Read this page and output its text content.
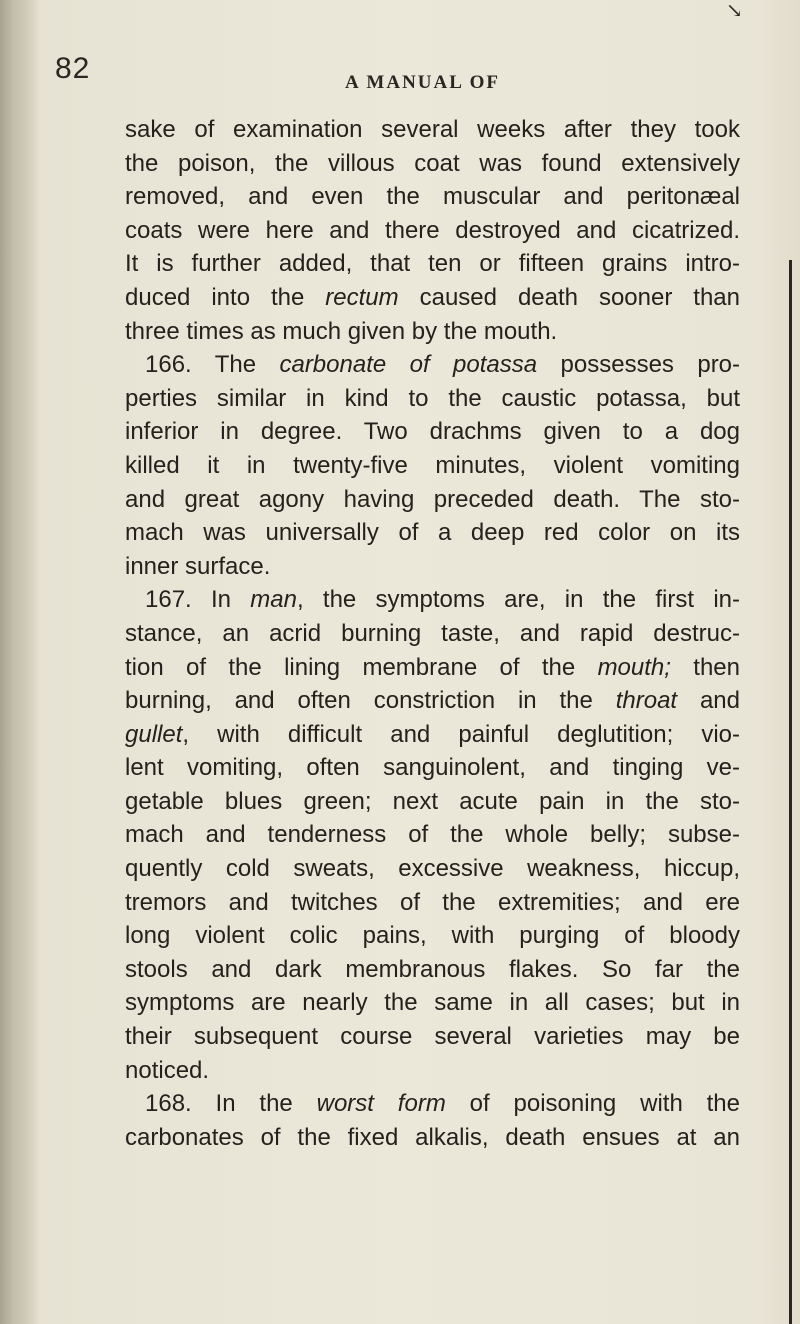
↘
82	A MANUAL OF
sake of examination several weeks after they took
the poison, the villous coat was found extensively
removed, and even the muscular and peritonæal
coats were here and there destroyed and cicatrized.
It is further added, that ten or fifteen grains intro-
duced into the rectum caused death sooner than
three times as much given by the mouth.
166. The carbonate of potassa possesses pro-
perties similar in kind to the caustic potassa, but
inferior in degree. Two drachms given to a dog
killed it in twenty-five minutes, violent vomiting
and great agony having preceded death. The sto-
mach was universally of a deep red color on its
inner surface.
167. In man, the symptoms are, in the first in-
stance, an acrid burning taste, and rapid destruc-
tion of the lining membrane of the mouth; then
burning, and often constriction in the throat and
gullet, with difficult and painful deglutition; vio-
lent vomiting, often sanguinolent, and tinging ve-
getable blues green; next acute pain in the sto-
mach and tenderness of the whole belly; subse-
quently cold sweats, excessive weakness, hiccup,
tremors and twitches of the extremities; and ere
long violent colic pains, with purging of bloody
stools and dark membranous flakes. So far the
symptoms are nearly the same in all cases; but in
their subsequent course several varieties may be
noticed.
168. In the worst form of poisoning with the
carbonates of the fixed alkalis, death ensues at an
